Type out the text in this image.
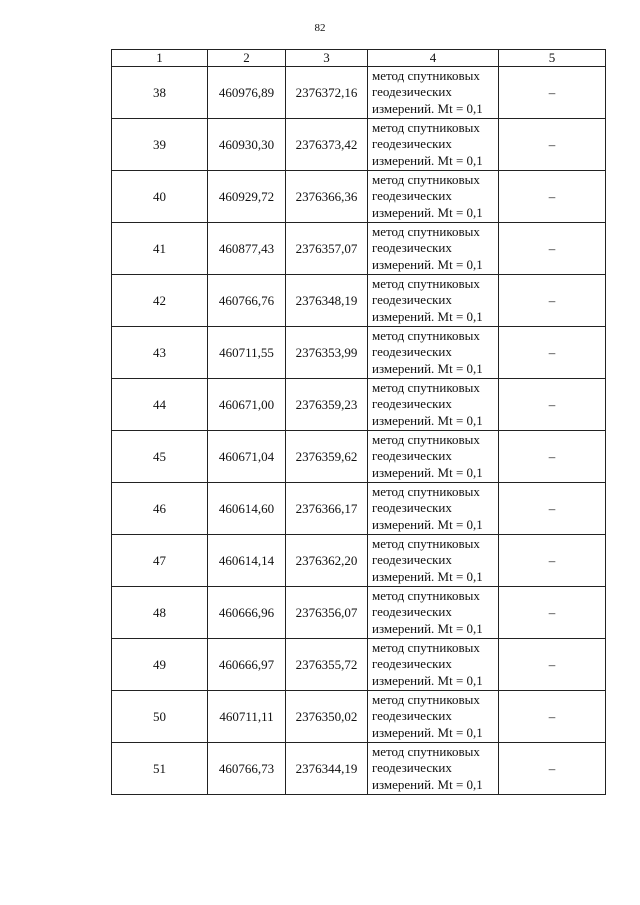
82
1	2	3	4	5
38	460976,89	2376372,16	метод спутниковых
геодезических
измерений. Mt = 0,1	–
39	460930,30	2376373,42	метод спутниковых
геодезических
измерений. Mt = 0,1	–
40	460929,72	2376366,36	метод спутниковых
геодезических
измерений. Mt = 0,1	–
41	460877,43	2376357,07	метод спутниковых
геодезических
измерений. Mt = 0,1	–
42	460766,76	2376348,19	метод спутниковых
геодезических
измерений. Mt = 0,1	–
43	460711,55	2376353,99	метод спутниковых
геодезических
измерений. Mt = 0,1	–
44	460671,00	2376359,23	метод спутниковых
геодезических
измерений. Mt = 0,1	–
45	460671,04	2376359,62	метод спутниковых
геодезических
измерений. Mt = 0,1	–
46	460614,60	2376366,17	метод спутниковых
геодезических
измерений. Mt = 0,1	–
47	460614,14	2376362,20	метод спутниковых
геодезических
измерений. Mt = 0,1	–
48	460666,96	2376356,07	метод спутниковых
геодезических
измерений. Mt = 0,1	–
49	460666,97	2376355,72	метод спутниковых
геодезических
измерений. Mt = 0,1	–
50	460711,11	2376350,02	метод спутниковых
геодезических
измерений. Mt = 0,1	–
51	460766,73	2376344,19	метод спутниковых
геодезических
измерений. Mt = 0,1	–
